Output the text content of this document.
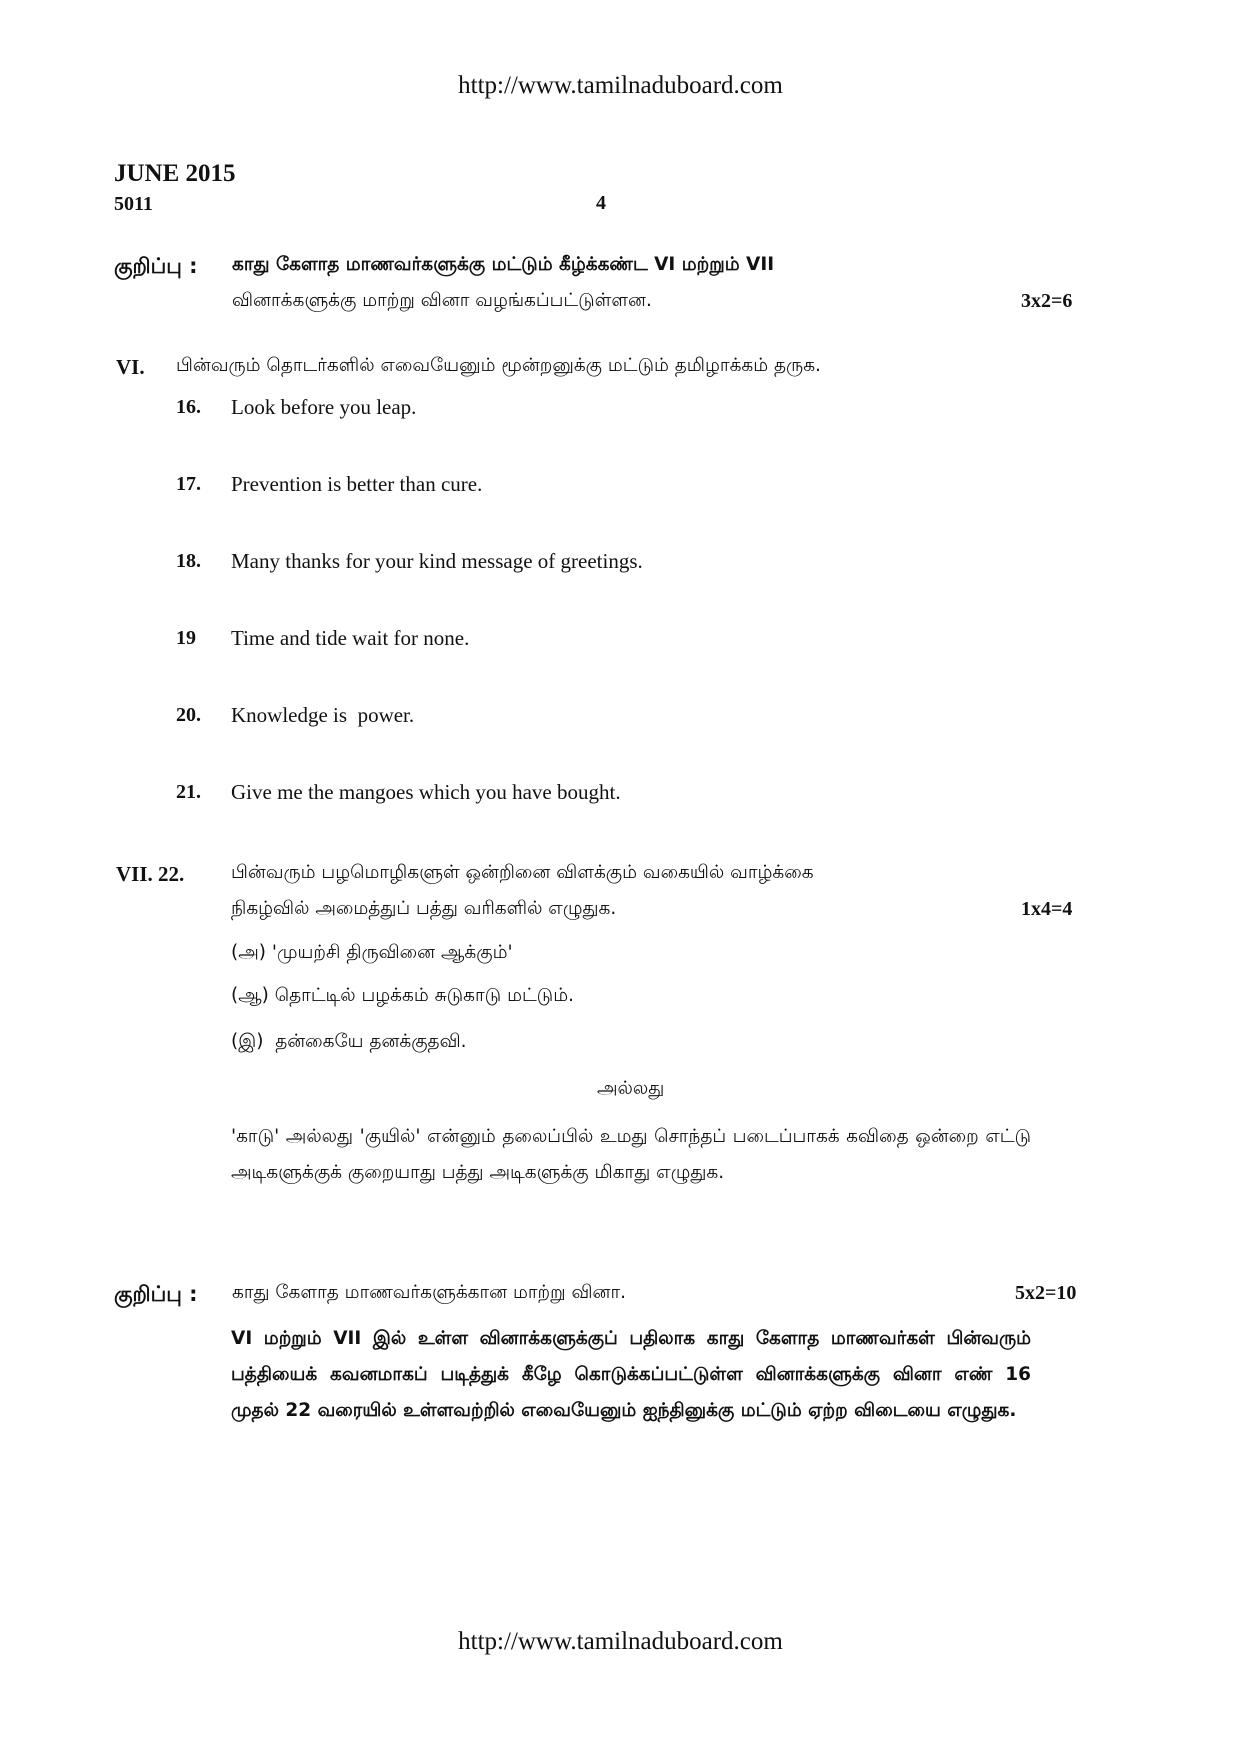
http://www.tamilnaduboard.com
JUNE 2015
5011	4
குறிப்பு : காது கேளாத மாணவர்களுக்கு மட்டும் கீழ்க்கண்ட VI மற்றும் VII
வினாக்களுக்கு மாற்று வினா வழங்கப்பட்டுள்ளன.	3x2=6
VI. பின்வரும் தொடர்களில் எவையேனும் மூன்றனுக்கு மட்டும் தமிழாக்கம் தருக.
16. Look before you leap.
17. Prevention is better than cure.
18. Many thanks for your kind message of greetings.
19 Time and tide wait for none.
20. Knowledge is  power.
21. Give me the mangoes which you have bought.
VII. 22.	பின்வரும் பழமொழிகளுள் ஒன்றினை விளக்கும் வகையில் வாழ்க்கை
நிகழ்வில் அமைத்துப் பத்து வரிகளில் எழுதுக.	1x4=4
(அ) 'முயற்சி திருவினை ஆக்கும்'
(ஆ) தொட்டில் பழக்கம் சுடுகாடு மட்டும்.
(இ)  தன்கையே தனக்குதவி.
அல்லது
'காடு' அல்லது 'குயில்' என்னும் தலைப்பில் உமது சொந்தப் படைப்பாகக் கவிதை ஒன்றை எட்டு அடிகளுக்குக் குறையாது பத்து அடிகளுக்கு மிகாது எழுதுக.
குறிப்பு : காது கேளாத மாணவர்களுக்கான மாற்று வினா.	5x2=10
VI மற்றும் VII இல் உள்ள வினாக்களுக்குப் பதிலாக காது கேளாத மாணவர்கள் பின்வரும் பத்தியைக் கவனமாகப் படித்துக் கீழே கொடுக்கப்பட்டுள்ள வினாக்களுக்கு வினா எண் 16 முதல் 22 வரையில் உள்ளவற்றில் எவையேனும் ஐந்தினுக்கு மட்டும் ஏற்ற விடையை எழுதுக.
http://www.tamilnaduboard.com
